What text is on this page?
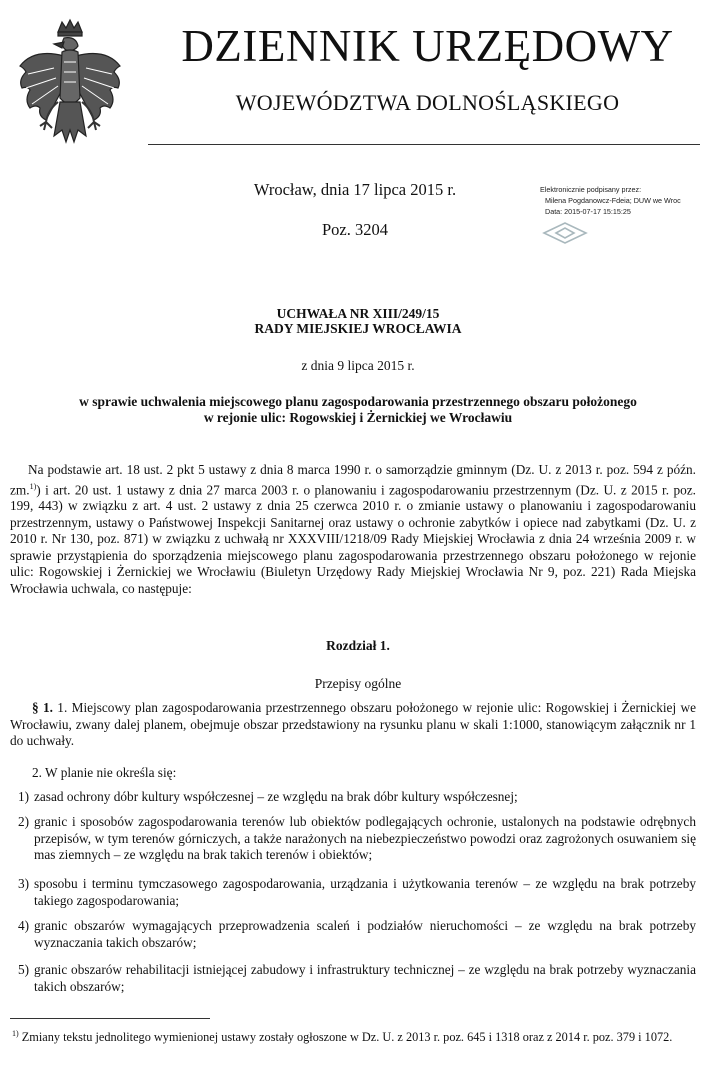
DZIENNIK URZĘDOWY
WOJEWÓDZTWA DOLNOŚLĄSKIEGO
Wrocław, dnia 17 lipca 2015 r.
Poz. 3204
Elektronicznie podpisany przez:
Milena Pogdanowcz-Fdeia; DUW we Wroc
Data: 2015-07-17 15:15:25
UCHWAŁA NR XIII/249/15
RADY MIEJSKIEJ WROCŁAWIA
z dnia 9 lipca 2015 r.
w sprawie uchwalenia miejscowego planu zagospodarowania przestrzennego obszaru położonego
w rejonie ulic: Rogowskiej i Żernickiej we Wrocławiu
Na podstawie art. 18 ust. 2 pkt 5 ustawy z dnia 8 marca 1990 r. o samorządzie gminnym (Dz. U. z 2013 r. poz. 594 z późn. zm.$^{1)}$) i art. 20 ust. 1 ustawy z dnia 27 marca 2003 r. o planowaniu i zagospodarowaniu przestrzennym (Dz. U. z 2015 r. poz. 199, 443) w związku z art. 4 ust. 2 ustawy z dnia 25 czerwca 2010 r. o zmianie ustawy o planowaniu i zagospodarowaniu przestrzennym, ustawy o Państwowej Inspekcji Sanitarnej oraz ustawy o ochronie zabytków i opiece nad zabytkami (Dz. U. z 2010 r. Nr 130, poz. 871) w związku z uchwałą nr XXXVIII/1218/09 Rady Miejskiej Wrocławia z dnia 24 września 2009 r. w sprawie przystąpienia do sporządzenia miejscowego planu zagospodarowania przestrzennego obszaru położonego w rejonie ulic: Rogowskiej i Żernickiej we Wrocławiu (Biuletyn Urzędowy Rady Miejskiej Wrocławia Nr 9, poz. 221) Rada Miejska Wrocławia uchwala, co następuje:
Rozdział 1.
Przepisy ogólne
§ 1. 1. Miejscowy plan zagospodarowania przestrzennego obszaru położonego w rejonie ulic: Rogowskiej i Żernickiej we Wrocławiu, zwany dalej planem, obejmuje obszar przedstawiony na rysunku planu w skali 1:1000, stanowiącym załącznik nr 1 do uchwały.
2. W planie nie określa się:
1) zasad ochrony dóbr kultury współczesnej – ze względu na brak dóbr kultury współczesnej;
2) granic i sposobów zagospodarowania terenów lub obiektów podlegających ochronie, ustalonych na podstawie odrębnych przepisów, w tym terenów górniczych, a także narażonych na niebezpieczeństwo powodzi oraz zagrożonych osuwaniem się mas ziemnych – ze względu na brak takich terenów i obiektów;
3) sposobu i terminu tymczasowego zagospodarowania, urządzania i użytkowania terenów – ze względu na brak potrzeby takiego zagospodarowania;
4) granic obszarów wymagających przeprowadzenia scaleń i podziałów nieruchomości – ze względu na brak potrzeby wyznaczania takich obszarów;
5) granic obszarów rehabilitacji istniejącej zabudowy i infrastruktury technicznej – ze względu na brak potrzeby wyznaczania takich obszarów;
$^{1)}$ Zmiany tekstu jednolitego wymienionej ustawy zostały ogłoszone w Dz. U. z 2013 r. poz. 645 i 1318 oraz z 2014 r. poz. 379 i 1072.
